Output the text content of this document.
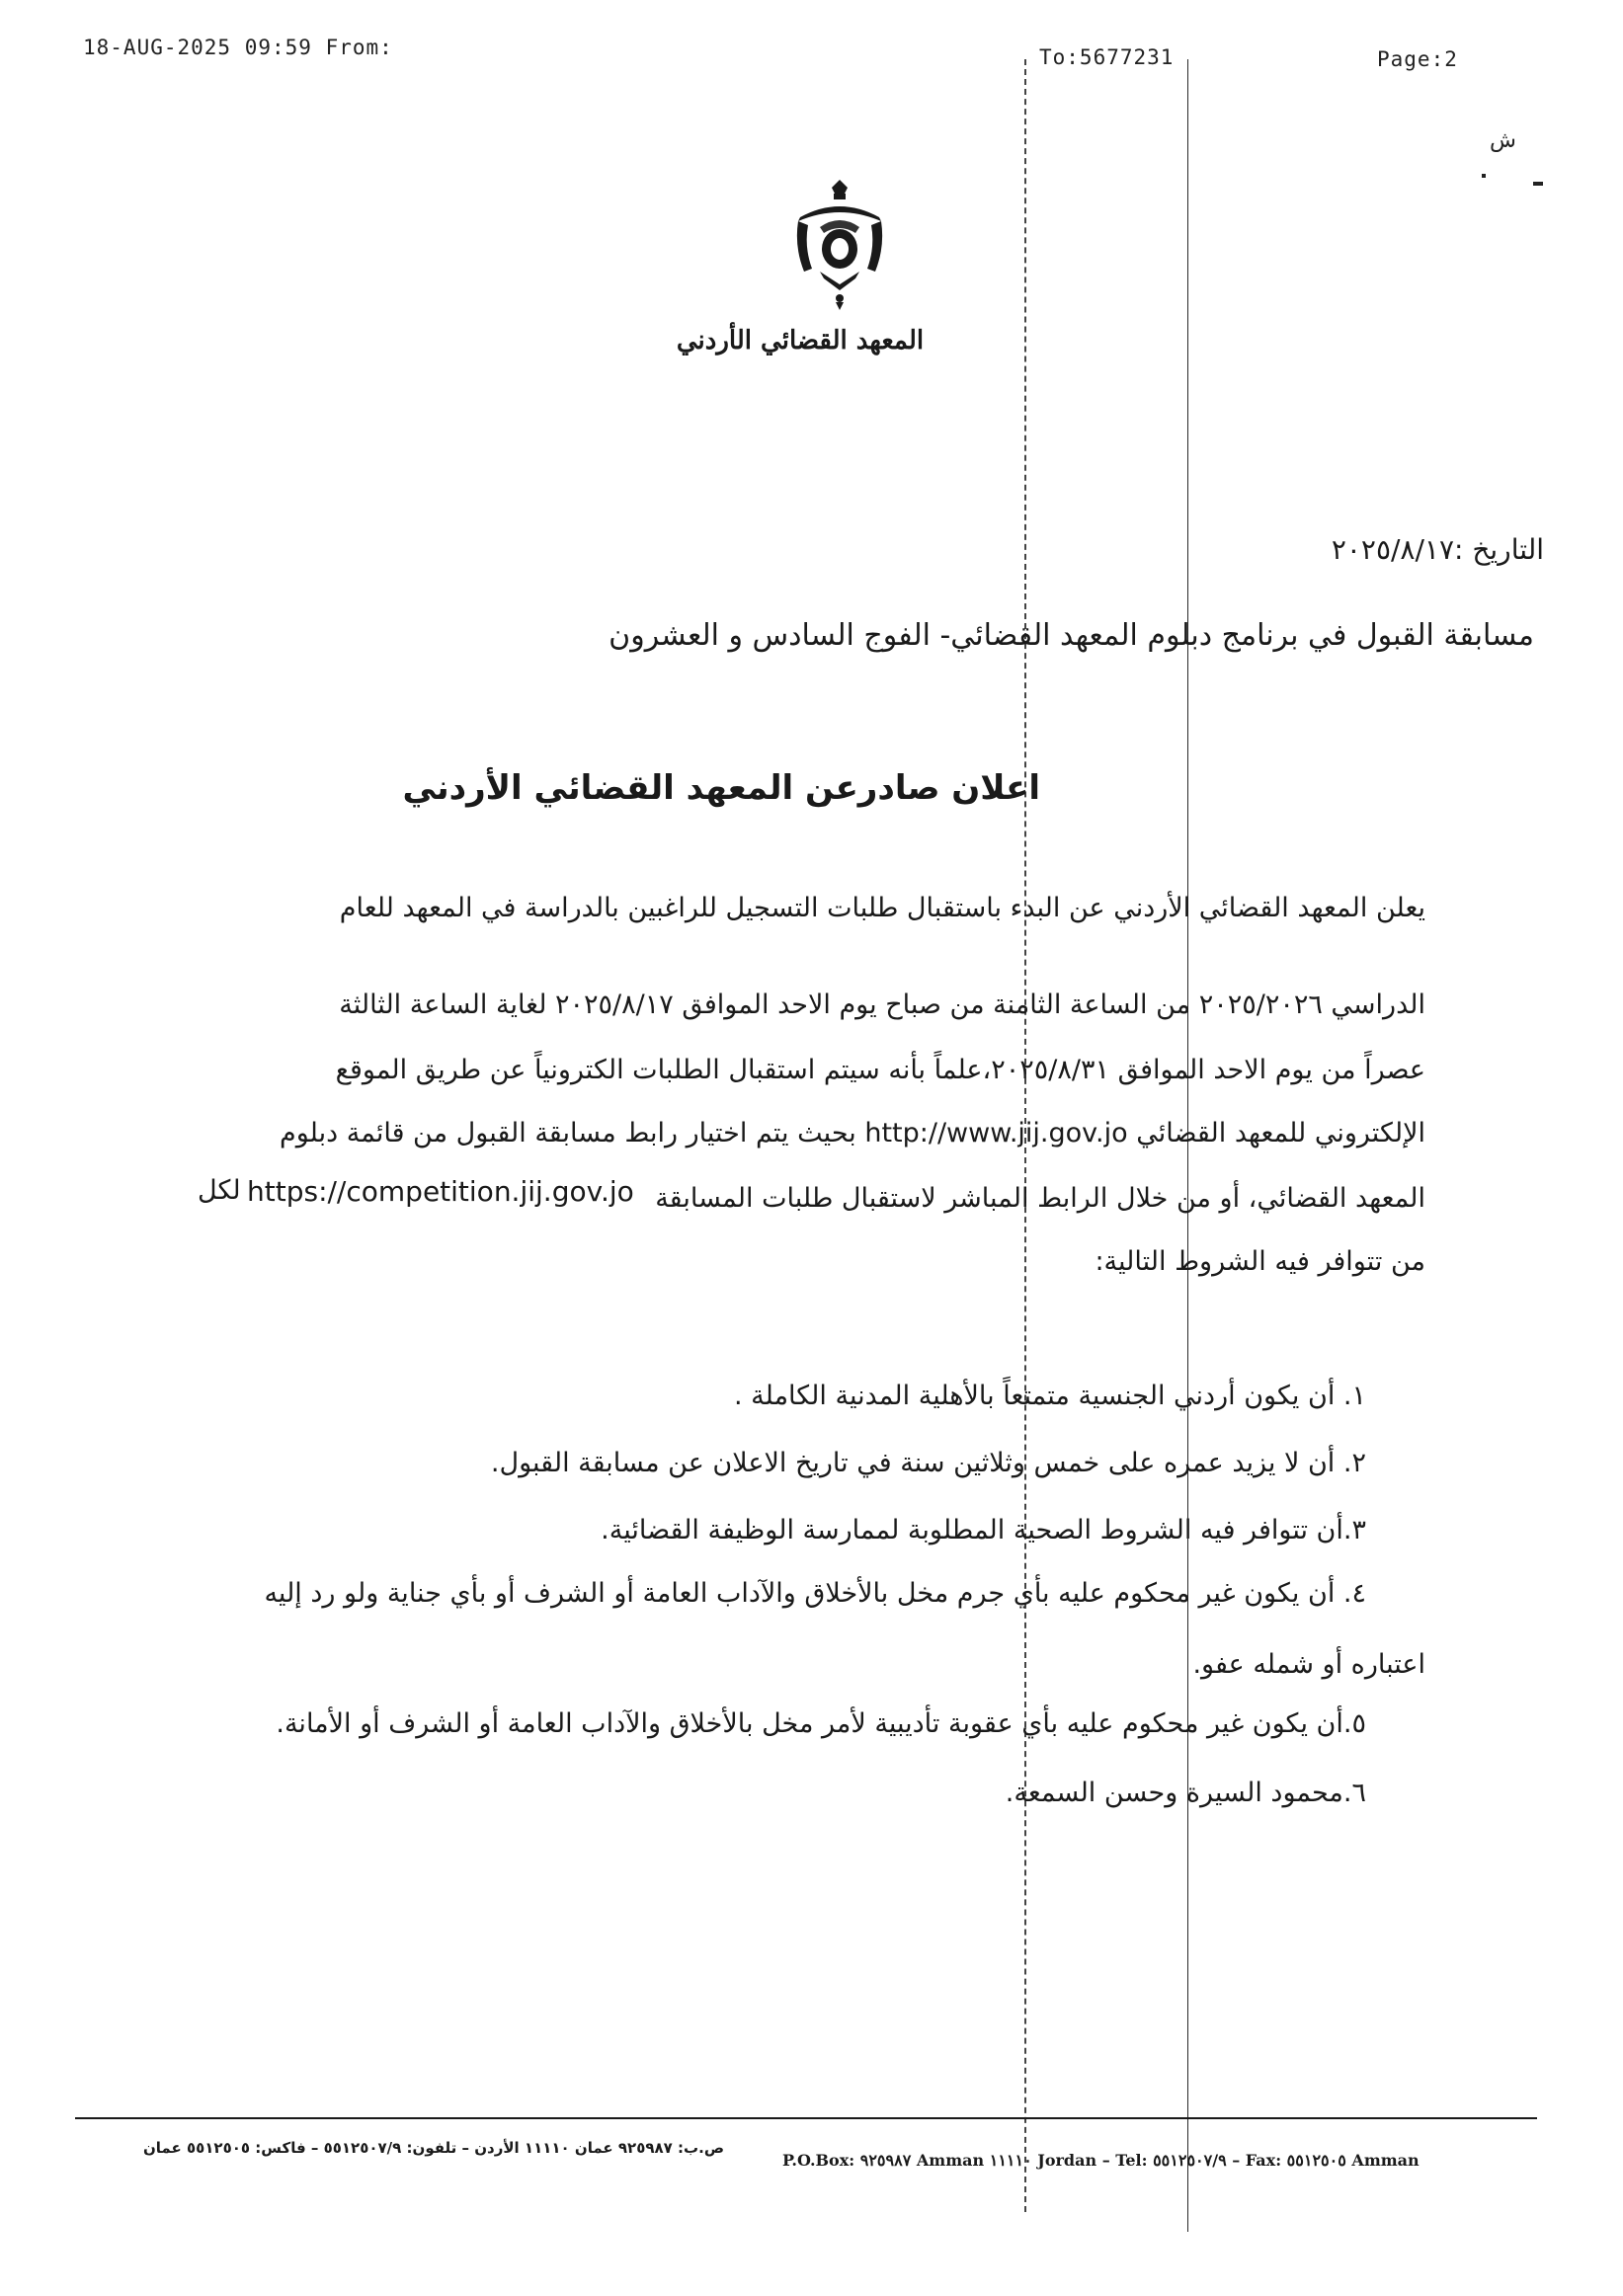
18-AUG-2025 09:59 From:	To:5677231	Page:2
ﺵ
المعهد القضائي الأردني
التاريخ :٢٠٢٥/٨/١٧
مسابقة القبول في برنامج دبلوم المعهد القضائي- الفوج السادس و العشرون
اعلان صادرعن المعهد القضائي الأردني
يعلن المعهد القضائي الأردني عن البدء باستقبال طلبات التسجيل للراغبين بالدراسة في المعهد للعام
الدراسي ٢٠٢٥/٢٠٢٦ من الساعة الثامنة من صباح يوم الاحد الموافق ٢٠٢٥/٨/١٧ لغاية الساعة الثالثة
عصراً من يوم الاحد الموافق ٢٠٢٥/٨/٣١،علماً بأنه سيتم استقبال الطلبات الكترونياً عن طريق الموقع
الإلكتروني للمعهد القضائي http://www.jij.gov.jo بحيث يتم اختيار رابط مسابقة القبول من قائمة دبلوم
المعهد القضائي، أو من خلال الرابط المباشر لاستقبال طلبات المسابقة
https://competition.jij.gov.jo
لكل
من تتوافر فيه الشروط التالية:
١. أن يكون أردني الجنسية متمتعاً بالأهلية المدنية الكاملة .
٢. أن لا يزيد عمره على خمس وثلاثين سنة في تاريخ الاعلان عن مسابقة القبول.
٣.أن تتوافر فيه الشروط الصحية المطلوبة لممارسة الوظيفة القضائية.
٤. أن يكون غير محكوم عليه بأي جرم مخل بالأخلاق والآداب العامة أو الشرف أو بأي جناية ولو رد إليه
اعتباره أو شمله عفو.
٥.أن يكون غير محكوم عليه بأي عقوبة تأديبية لأمر مخل بالأخلاق والآداب العامة أو الشرف أو الأمانة.
٦.محمود السيرة وحسن السمعة.
P.O.Box: ٩٢٥٩٨٧ Amman ١١١١٠ Jordan – Tel: ٥٥١٢٥٠٧/٩ – Fax: ٥٥١٢٥٠٥ Amman
ص.ب: ٩٢٥٩٨٧ عمان ١١١١٠ الأردن – تلفون: ٥٥١٢٥٠٧/٩ – فاكس: ٥٥١٢٥٠٥ عمان
